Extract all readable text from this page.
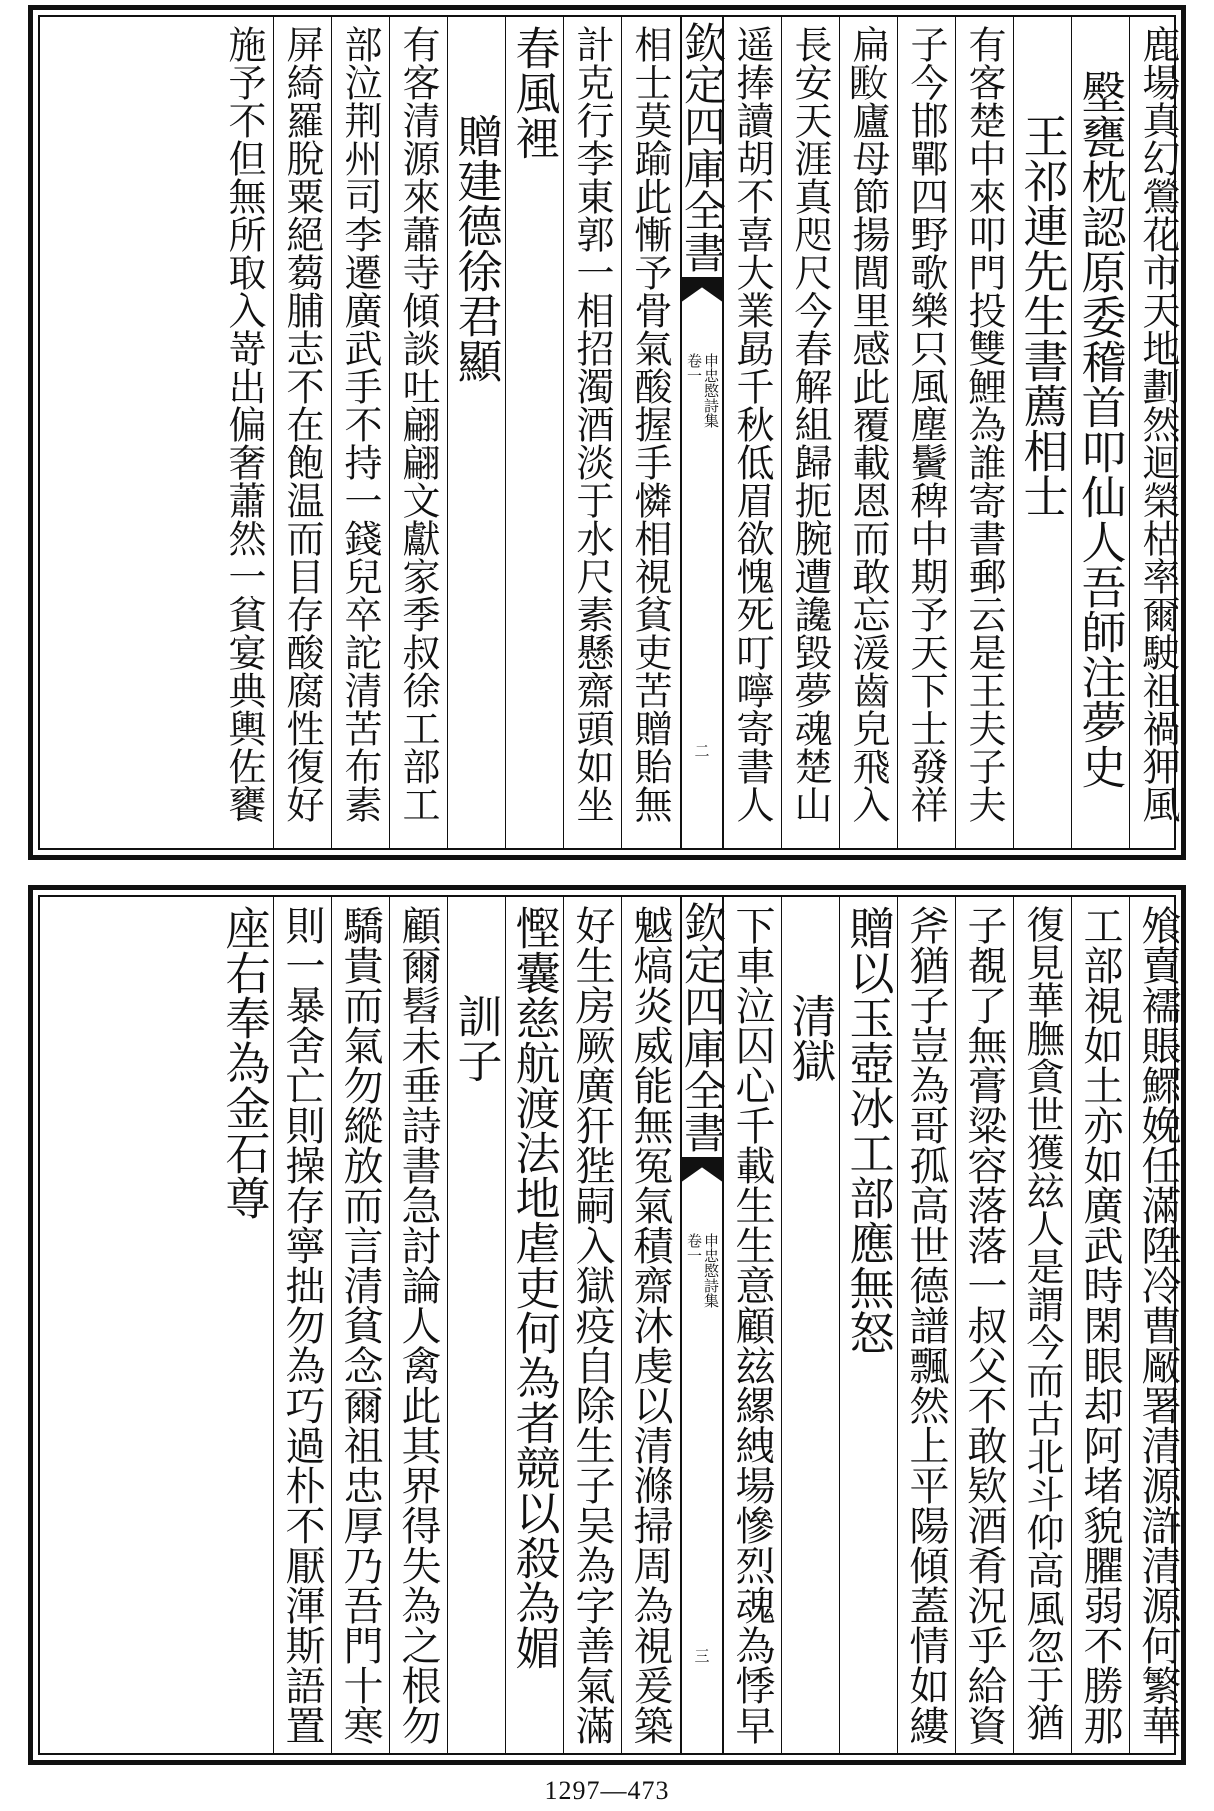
鹿場真幻鶯花市天地劃然迴榮枯率爾駛祖禍狎風
壂甕枕認原委稽首叩仙人吾師注夢史
王祁連先生書薦相士
有客楚中來叩門投雙鯉為誰寄書郵云是王夫子夫
子今邯鄲四野歌樂只風塵鬢稗中期予天下士發祥
扁𢾺廬母節揚閭里感此覆載恩而敢忘湲齒皃飛入
長安天涯真咫尺今春解組歸扼腕遭讒毀夢魂楚山
遥捧讀胡不喜大業勗千秋低眉欲愧死叮嚀寄書人
欽定四庫全書
申忠愍詩集
卷一
二
相士莫踰此慚予骨氣酸握手憐相視貧吏苦贈貽無
計克行李東郭一相招濁酒淡于水尺素懸齋頭如坐
春風裡
贈建德徐君顯
有客清源來蕭寺傾談吐翩翩文獻家季叔徐工部工
部泣荆州司李遷廣武手不持一錢兒卒詑清苦布素
屏綺羅脫粟絕蒭脯志不在飽温而目存酸腐性復好
施予不但無所取入嵜出偏奢蕭然一貧宴典輿佐饔
飧賣襦賬鰥娩任滿陞冷曹厰署清源滸清源何繁華
工部視如土亦如廣武時閑眼却阿堵貌臞弱不勝那
復見華膴貪世獲玆人是謂今而古北斗仰高風忽于猶
子覩了無膏粱容落落一叔父不敢欵酒肴況乎給資
斧猶子豈為哥孤高世德譜飄然上平陽傾蓋情如縷
贈以玉壺冰工部應無怒
清獄
下車泣囚心千載生生意顧玆縲絏場慘烈魂為悸早
欽定四庫全書
申忠愍詩集
卷一
三
魆熇炎威能無冤氣積齋沐虔以清滌掃周為視爰築
好生房厥廣犴狴嗣入獄疫自除生子吴為字善氣滿
慳囊慈航渡法地虐吏何為者競以殺為媚
訓子
顧爾髫未垂詩書急討論人禽此其界得失為之根勿
驕貴而氣勿縱放而言清貧念爾祖忠厚乃吾門十寒
則一暴舍亡則操存寧拙勿為巧過朴不厭渾斯語置
座右奉為金石尊
1297—473
